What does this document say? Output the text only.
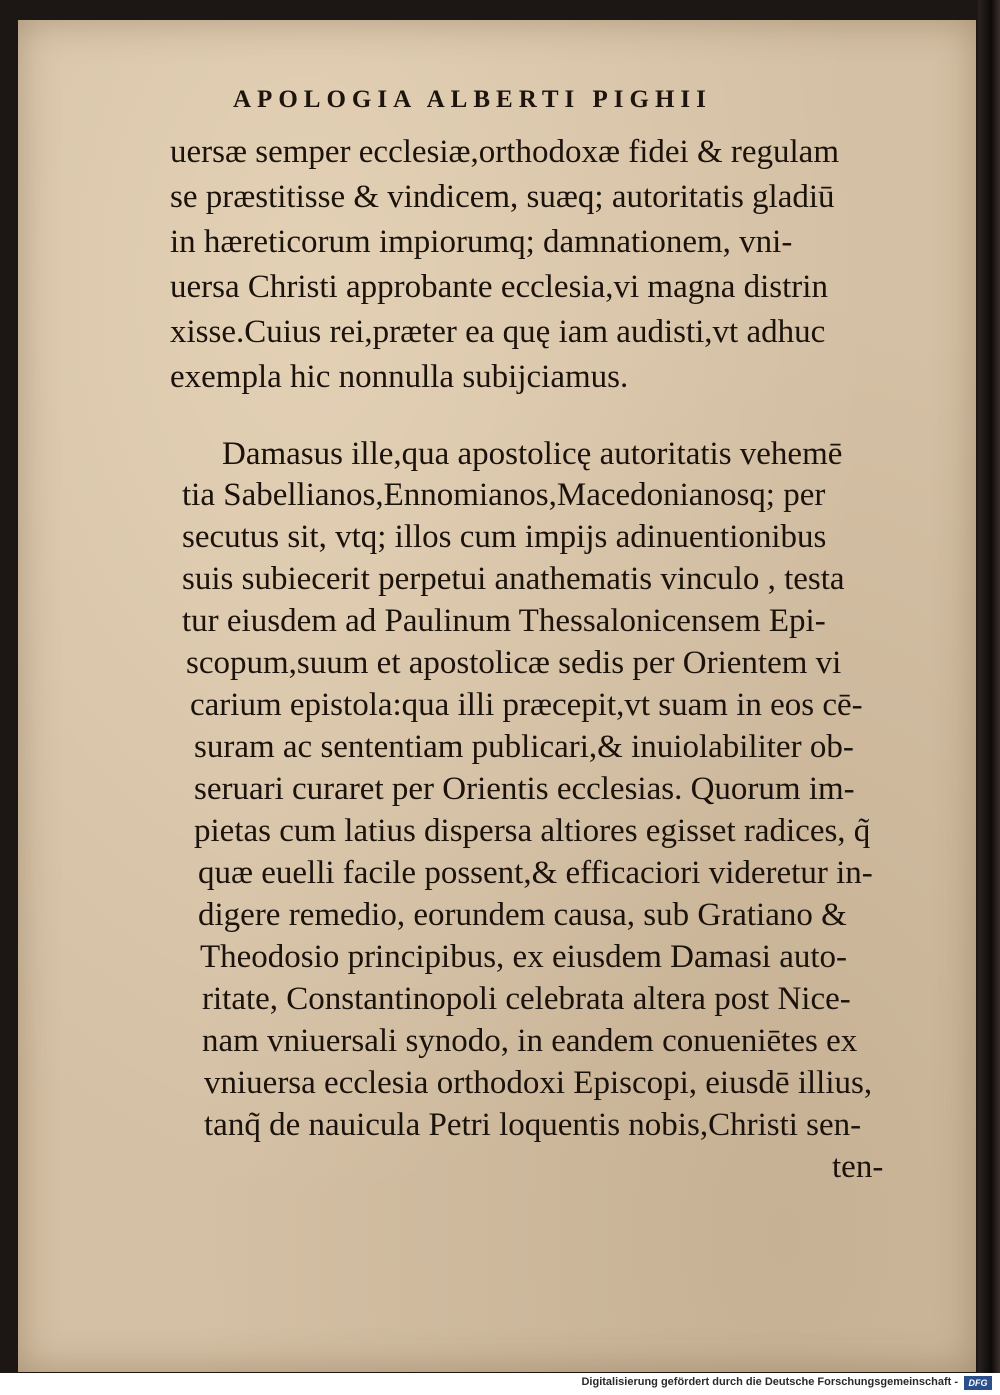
APOLOGIA ALBERTI PIGHII
uersæ semper ecclesiæ,orthodoxæ fidei & regulam
se præstitisse & vindicem, suæq; autoritatis gladiū
in hæreticorum impiorumq; damnationem, vni-
uersa Christi approbante ecclesia,vi magna distrin
xisse.Cuius rei,præter ea quę iam audisti,vt adhuc
exempla hic nonnulla subijciamus.
Damasus ille,qua apostolicę autoritatis vehemē
tia Sabellianos,Ennomianos,Macedonianosq; per
secutus sit, vtq; illos cum impijs adinuentionibus
suis subiecerit perpetui anathematis vinculo , testa
tur eiusdem ad Paulinum Thessalonicensem Epi-
scopum,suum et apostolicæ sedis per Orientem vi
carium epistola:qua illi præcepit,vt suam in eos cē-
suram ac sententiam publicari,& inuiolabiliter ob-
seruari curaret per Orientis ecclesias. Quorum im-
pietas cum latius dispersa altiores egisset radices, q̃
quæ euelli facile possent,& efficaciori videretur in-
digere remedio, eorundem causa, sub Gratiano &
Theodosio principibus, ex eiusdem Damasi auto-
ritate, Constantinopoli celebrata altera post Nice-
nam vniuersali synodo, in eandem conueniētes ex
vniuersa ecclesia orthodoxi Episcopi, eiusdē illius,
tanq̃ de nauicula Petri loquentis nobis,Christi sen-
ten-
Digitalisierung gefördert durch die Deutsche Forschungsgemeinschaft -	DFG
